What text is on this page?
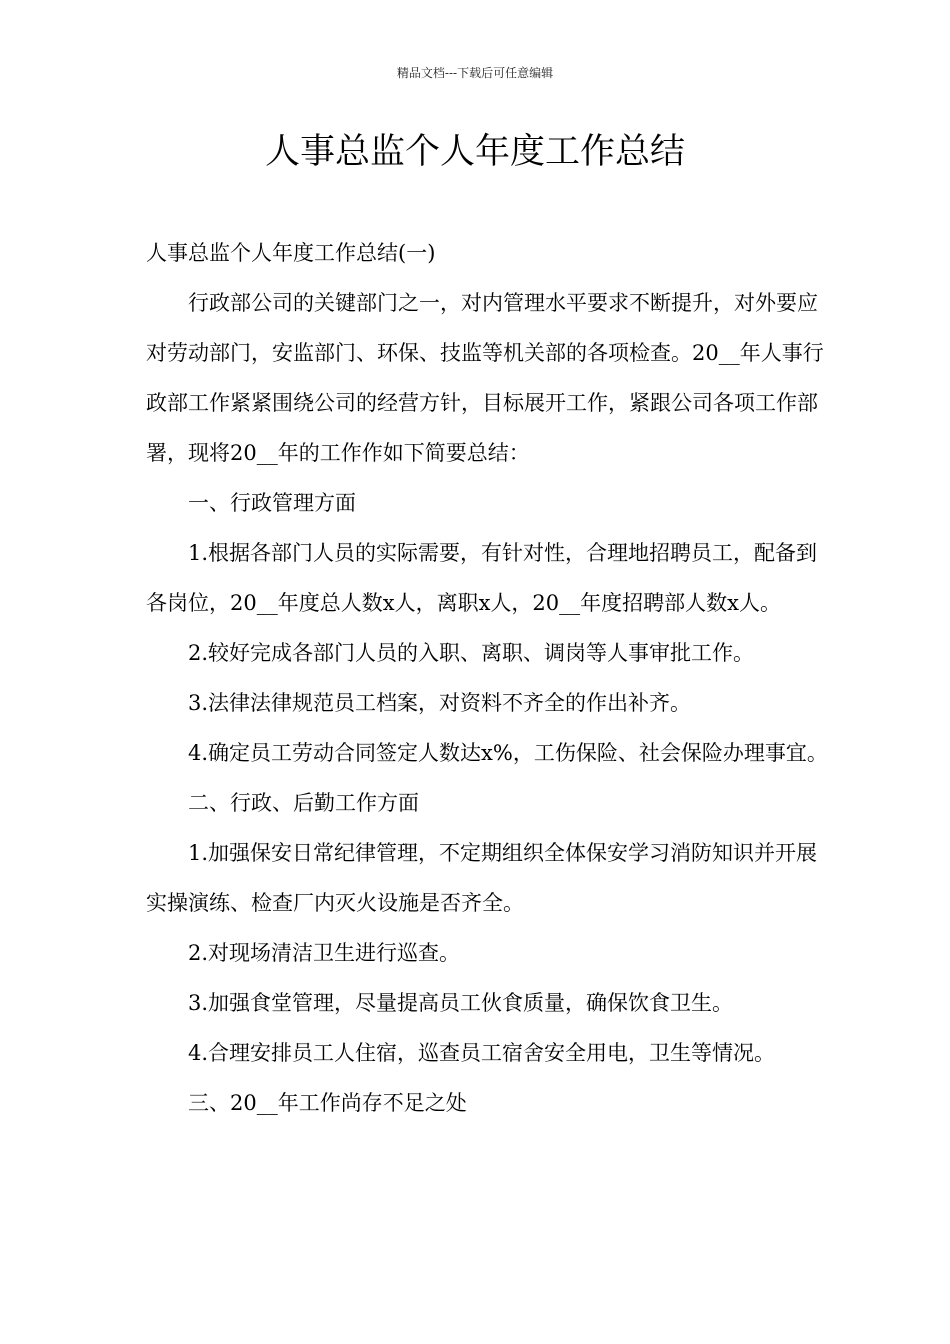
精品文档---下载后可任意编辑
人事总监个人年度工作总结

人事总监个人年度工作总结(一)

行政部公司的关键部门之一，对内管理水平要求不断提升，对外要应对劳动部门，安监部门、环保、技监等机关部的各项检查。20__年人事行政部工作紧紧围绕公司的经营方针，目标展开工作，紧跟公司各项工作部署，现将20__年的工作作如下简要总结：

一、行政管理方面

1.根据各部门人员的实际需要，有针对性，合理地招聘员工，配备到各岗位，20__年度总人数x人，离职x人，20__年度招聘部人数x人。

2.较好完成各部门人员的入职、离职、调岗等人事审批工作。

3.法律法律规范员工档案，对资料不齐全的作出补齐。

4.确定员工劳动合同签定人数达x%，工伤保险、社会保险办理事宜。

二、行政、后勤工作方面

1.加强保安日常纪律管理，不定期组织全体保安学习消防知识并开展实操演练、检查厂内灭火设施是否齐全。

2.对现场清洁卫生进行巡查。

3.加强食堂管理，尽量提高员工伙食质量，确保饮食卫生。

4.合理安排员工人住宿，巡查员工宿舍安全用电，卫生等情况。

三、20__年工作尚存不足之处
